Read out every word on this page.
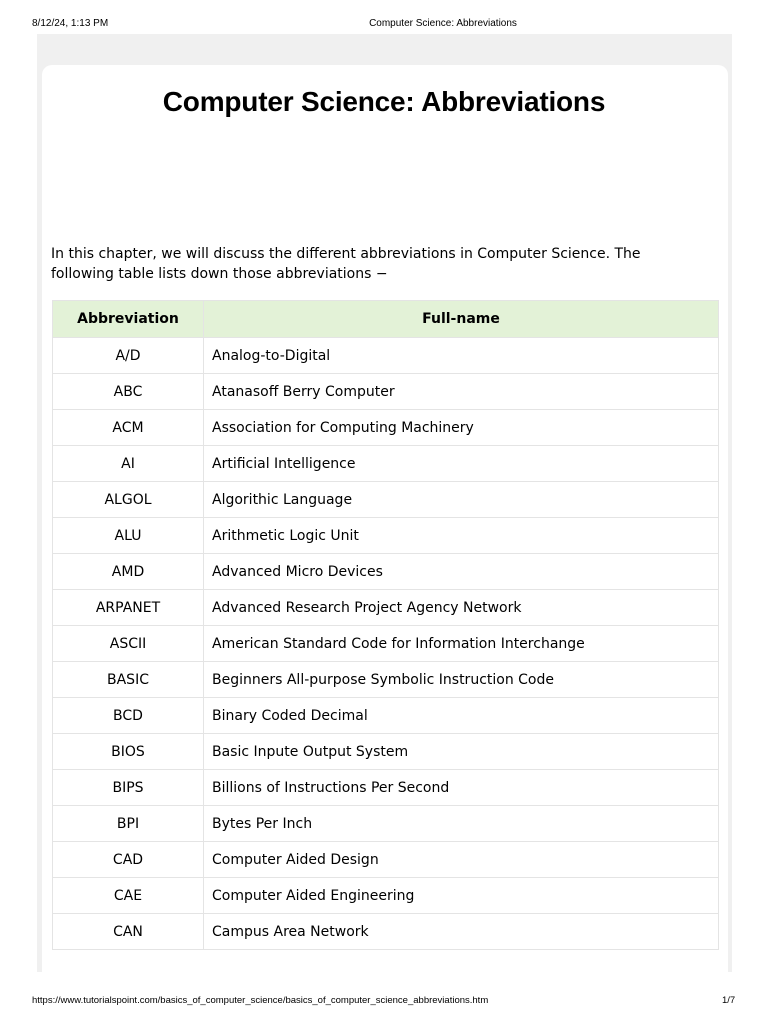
8/12/24, 1:13 PM	Computer Science: Abbreviations
Computer Science: Abbreviations

In this chapter, we will discuss the different abbreviations in Computer Science. The following table lists down those abbreviations −

Abbreviation	Full-name
A/D	Analog-to-Digital
ABC	Atanasoff Berry Computer
ACM	Association for Computing Machinery
AI	Artificial Intelligence
ALGOL	Algorithic Language
ALU	Arithmetic Logic Unit
AMD	Advanced Micro Devices
ARPANET	Advanced Research Project Agency Network
ASCII	American Standard Code for Information Interchange
BASIC	Beginners All-purpose Symbolic Instruction Code
BCD	Binary Coded Decimal
BIOS	Basic Inpute Output System
BIPS	Billions of Instructions Per Second
BPI	Bytes Per Inch
CAD	Computer Aided Design
CAE	Computer Aided Engineering
CAN	Campus Area Network
https://www.tutorialspoint.com/basics_of_computer_science/basics_of_computer_science_abbreviations.htm	1/7
